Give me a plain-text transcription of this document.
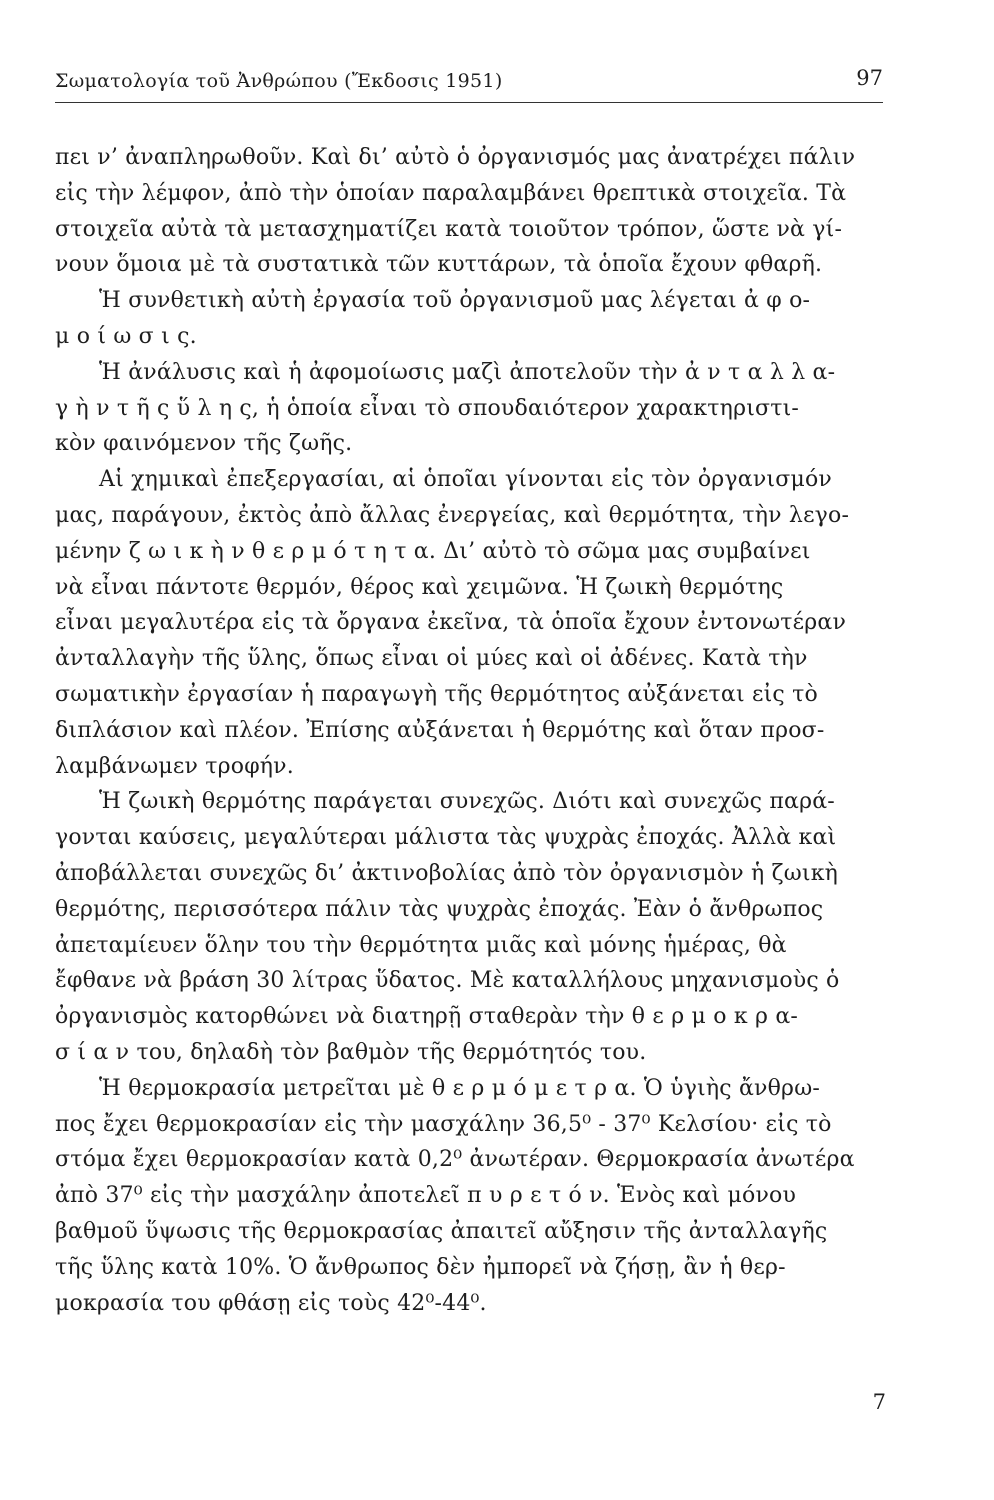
Σωματολογία τοῦ Ἀνθρώπου (Ἔκδοσις 1951)	97
πει ν’ ἀναπληρωθοῦν. Καὶ δι’ αὐτὸ ὁ ὀργανισμός μας ἀνατρέχει πάλιν
εἰς τὴν λέμφον, ἀπὸ τὴν ὁποίαν παραλαμβάνει θρεπτικὰ στοιχεῖα. Τὰ
στοιχεῖα αὐτὰ τὰ μετασχηματίζει κατὰ τοιοῦτον τρόπον, ὥστε νὰ γί-
νουν ὅμοια μὲ τὰ συστατικὰ τῶν κυττάρων, τὰ ὁποῖα ἔχουν φθαρῆ.
Ἡ συνθετικὴ αὐτὴ ἐργασία τοῦ ὀργανισμοῦ μας λέγεται ἀ φ ο-
μ ο ί ω σ ι ς.
Ἡ ἀνάλυσις καὶ ἡ ἀφομοίωσις μαζὶ ἀποτελοῦν τὴν ἀ ν τ α λ λ α-
γ ὴ ν τ ῆ ς ὕ λ η ς, ἡ ὁποία εἶναι τὸ σπουδαιότερον χαρακτηριστι-
κὸν φαινόμενον τῆς ζωῆς.
Αἱ χημικαὶ ἐπεξεργασίαι, αἱ ὁποῖαι γίνονται εἰς τὸν ὀργανισμόν
μας, παράγουν, ἐκτὸς ἀπὸ ἄλλας ἐνεργείας, καὶ θερμότητα, τὴν λεγο-
μένην ζ ω ι κ ὴ ν θ ε ρ μ ό τ η τ α. Δι’ αὐτὸ τὸ σῶμα μας συμβαίνει
νὰ εἶναι πάντοτε θερμόν, θέρος καὶ χειμῶνα. Ἡ ζωικὴ θερμότης
εἶναι μεγαλυτέρα εἰς τὰ ὄργανα ἐκεῖνα, τὰ ὁποῖα ἔχουν ἐντονωτέραν
ἀνταλλαγὴν τῆς ὕλης, ὅπως εἶναι οἱ μύες καὶ οἱ ἀδένες. Κατὰ τὴν
σωματικὴν ἐργασίαν ἡ παραγωγὴ τῆς θερμότητος αὐξάνεται εἰς τὸ
διπλάσιον καὶ πλέον. Ἐπίσης αὐξάνεται ἡ θερμότης καὶ ὅταν προσ-
λαμβάνωμεν τροφήν.
Ἡ ζωικὴ θερμότης παράγεται συνεχῶς. Διότι καὶ συνεχῶς παρά-
γονται καύσεις, μεγαλύτεραι μάλιστα τὰς ψυχρὰς ἐποχάς. Ἀλλὰ καὶ
ἀποβάλλεται συνεχῶς δι’ ἀκτινοβολίας ἀπὸ τὸν ὀργανισμὸν ἡ ζωικὴ
θερμότης, περισσότερα πάλιν τὰς ψυχρὰς ἐποχάς. Ἐὰν ὁ ἄνθρωπος
ἀπεταμίευεν ὅλην του τὴν θερμότητα μιᾶς καὶ μόνης ἡμέρας, θὰ
ἔφθανε νὰ βράση 30 λίτρας ὕδατος. Μὲ καταλλήλους μηχανισμοὺς ὁ
ὀργανισμὸς κατορθώνει νὰ διατηρῇ σταθερὰν τὴν θ ε ρ μ ο κ ρ α-
σ ί α ν του, δηλαδὴ τὸν βαθμὸν τῆς θερμότητός του.
Ἡ θερμοκρασία μετρεῖται μὲ θ ε ρ μ ό μ ε τ ρ α. Ὁ ὑγιὴς ἄνθρω-
πος ἔχει θερμοκρασίαν εἰς τὴν μασχάλην 36,5⁰ - 37⁰ Κελσίου· εἰς τὸ
στόμα ἔχει θερμοκρασίαν κατὰ 0,2⁰ ἀνωτέραν. Θερμοκρασία ἀνωτέρα
ἀπὸ 37⁰ εἰς τὴν μασχάλην ἀποτελεῖ π υ ρ ε τ ό ν. Ἑνὸς καὶ μόνου
βαθμοῦ ὕψωσις τῆς θερμοκρασίας ἀπαιτεῖ αὔξησιν τῆς ἀνταλλαγῆς
τῆς ὕλης κατὰ 10%. Ὁ ἄνθρωπος δὲν ἠμπορεῖ νὰ ζήσῃ, ἂν ἡ θερ-
μοκρασία του φθάσῃ εἰς τοὺς 42⁰-44⁰.
7
